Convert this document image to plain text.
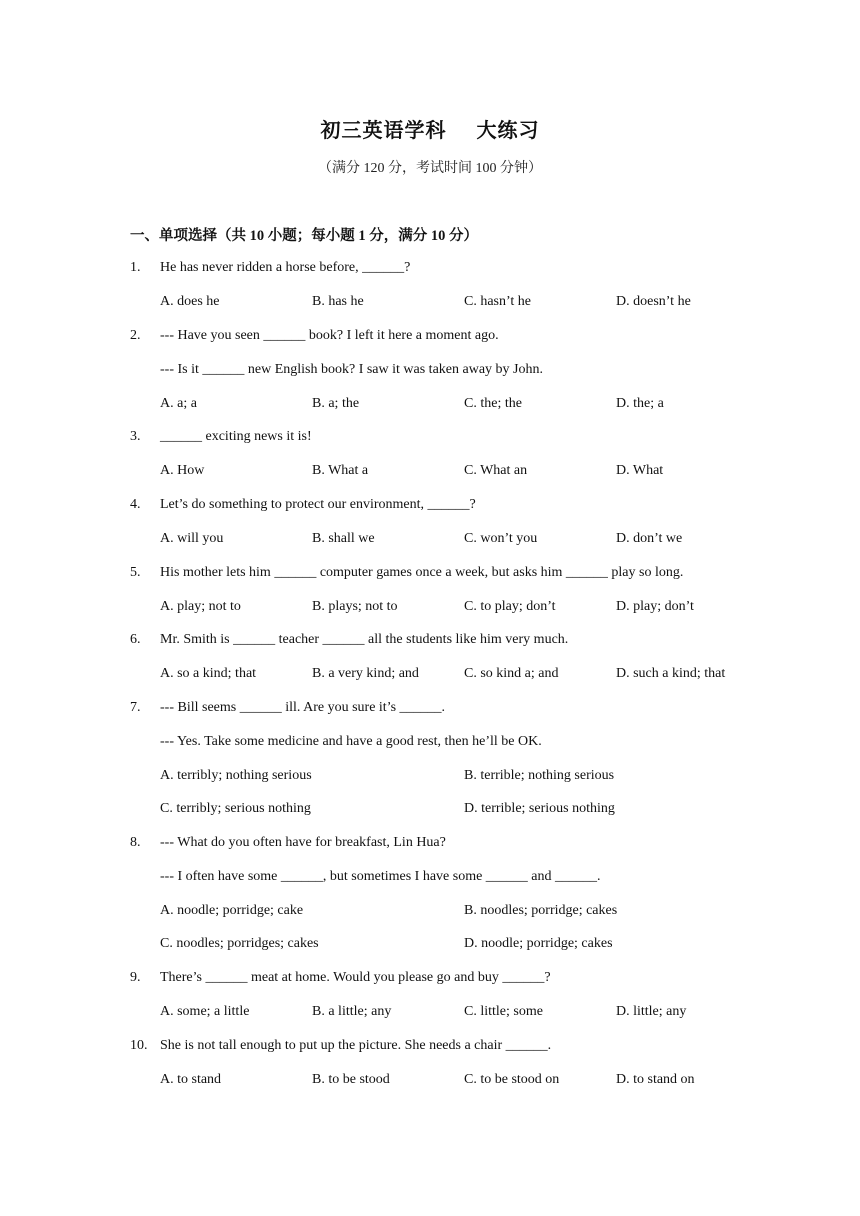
初三英语学科 大练习
（满分 120 分，考试时间 100 分钟）
一、单项选择（共 10 小题；每小题 1 分，满分 10 分）
1. He has never ridden a horse before, ______?
A. does he	B. has he	C. hasn’t he	D. doesn’t he
2. --- Have you seen ______ book? I left it here a moment ago.
--- Is it ______ new English book? I saw it was taken away by John.
A. a; a	B. a; the	C. the; the	D. the; a
3. ______ exciting news it is!
A. How	B. What a	C. What an	D. What
4. Let’s do something to protect our environment, ______?
A. will you	B. shall we	C. won’t you	D. don’t we
5. His mother lets him ______ computer games once a week, but asks him ______ play so long.
A. play; not to	B. plays; not to	C. to play; don’t	D. play; don’t
6. Mr. Smith is ______ teacher ______ all the students like him very much.
A. so a kind; that	B. a very kind; and	C. so kind a; and	D. such a kind; that
7. --- Bill seems ______ ill. Are you sure it’s ______.
--- Yes. Take some medicine and have a good rest, then he’ll be OK.
A. terribly; nothing serious	B. terrible; nothing serious
C. terribly; serious nothing	D. terrible; serious nothing
8. --- What do you often have for breakfast, Lin Hua?
--- I often have some ______, but sometimes I have some ______ and ______.
A. noodle; porridge; cake	B. noodles; porridge; cakes
C. noodles; porridges; cakes	D. noodle; porridge; cakes
9. There’s ______ meat at home. Would you please go and buy ______?
A. some; a little	B. a little; any	C. little; some	D. little; any
10. She is not tall enough to put up the picture. She needs a chair ______.
A. to stand	B. to be stood	C. to be stood on	D. to stand on
